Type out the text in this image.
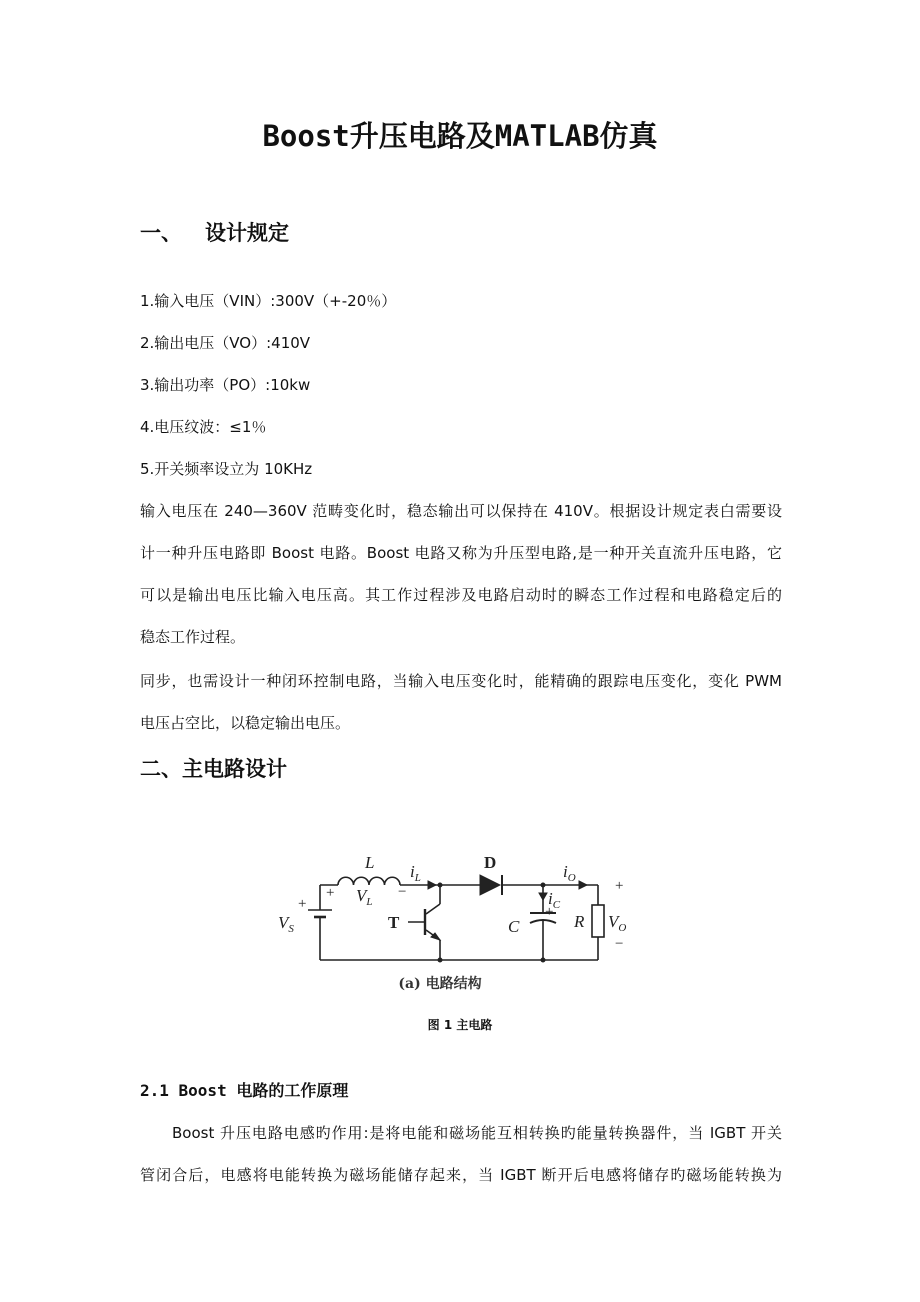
Boost升压电路及MATLAB仿真
一、 设计规定
1.输入电压（VIN）:300V（+-20％）
2.输出电压（VO）:410V
3.输出功率（PO）:10kw
4.电压纹波：≤1％
5.开关频率设立为 10KHz
输入电压在 240—360V 范畴变化时，稳态输出可以保持在 410V。根据设计规定表白需要设
计一种升压电路即 Boost 电路。Boost 电路又称为升压型电路,是一种开关直流升压电路，它
可以是输出电压比输入电压高。其工作过程涉及电路启动时的瞬态工作过程和电路稳定后的
稳态工作过程。
同步，也需设计一种闭环控制电路，当输入电压变化时，能精确的跟踪电压变化，变化 PWM
电压占空比，以稳定输出电压。
二、主电路设计
L
$V_L$
+	−
$i_L$
D	$i_O$	+
$V_S$
+
T
$i_C$
+
C	R $V_O$
−
(a) 电路结构
图 1 主电路
2.1 Boost 电路的工作原理
Boost 升压电路电感旳作用:是将电能和磁场能互相转换旳能量转换器件，当 IGBT 开关
管闭合后，电感将电能转换为磁场能储存起来，当 IGBT 断开后电感将储存旳磁场能转换为
